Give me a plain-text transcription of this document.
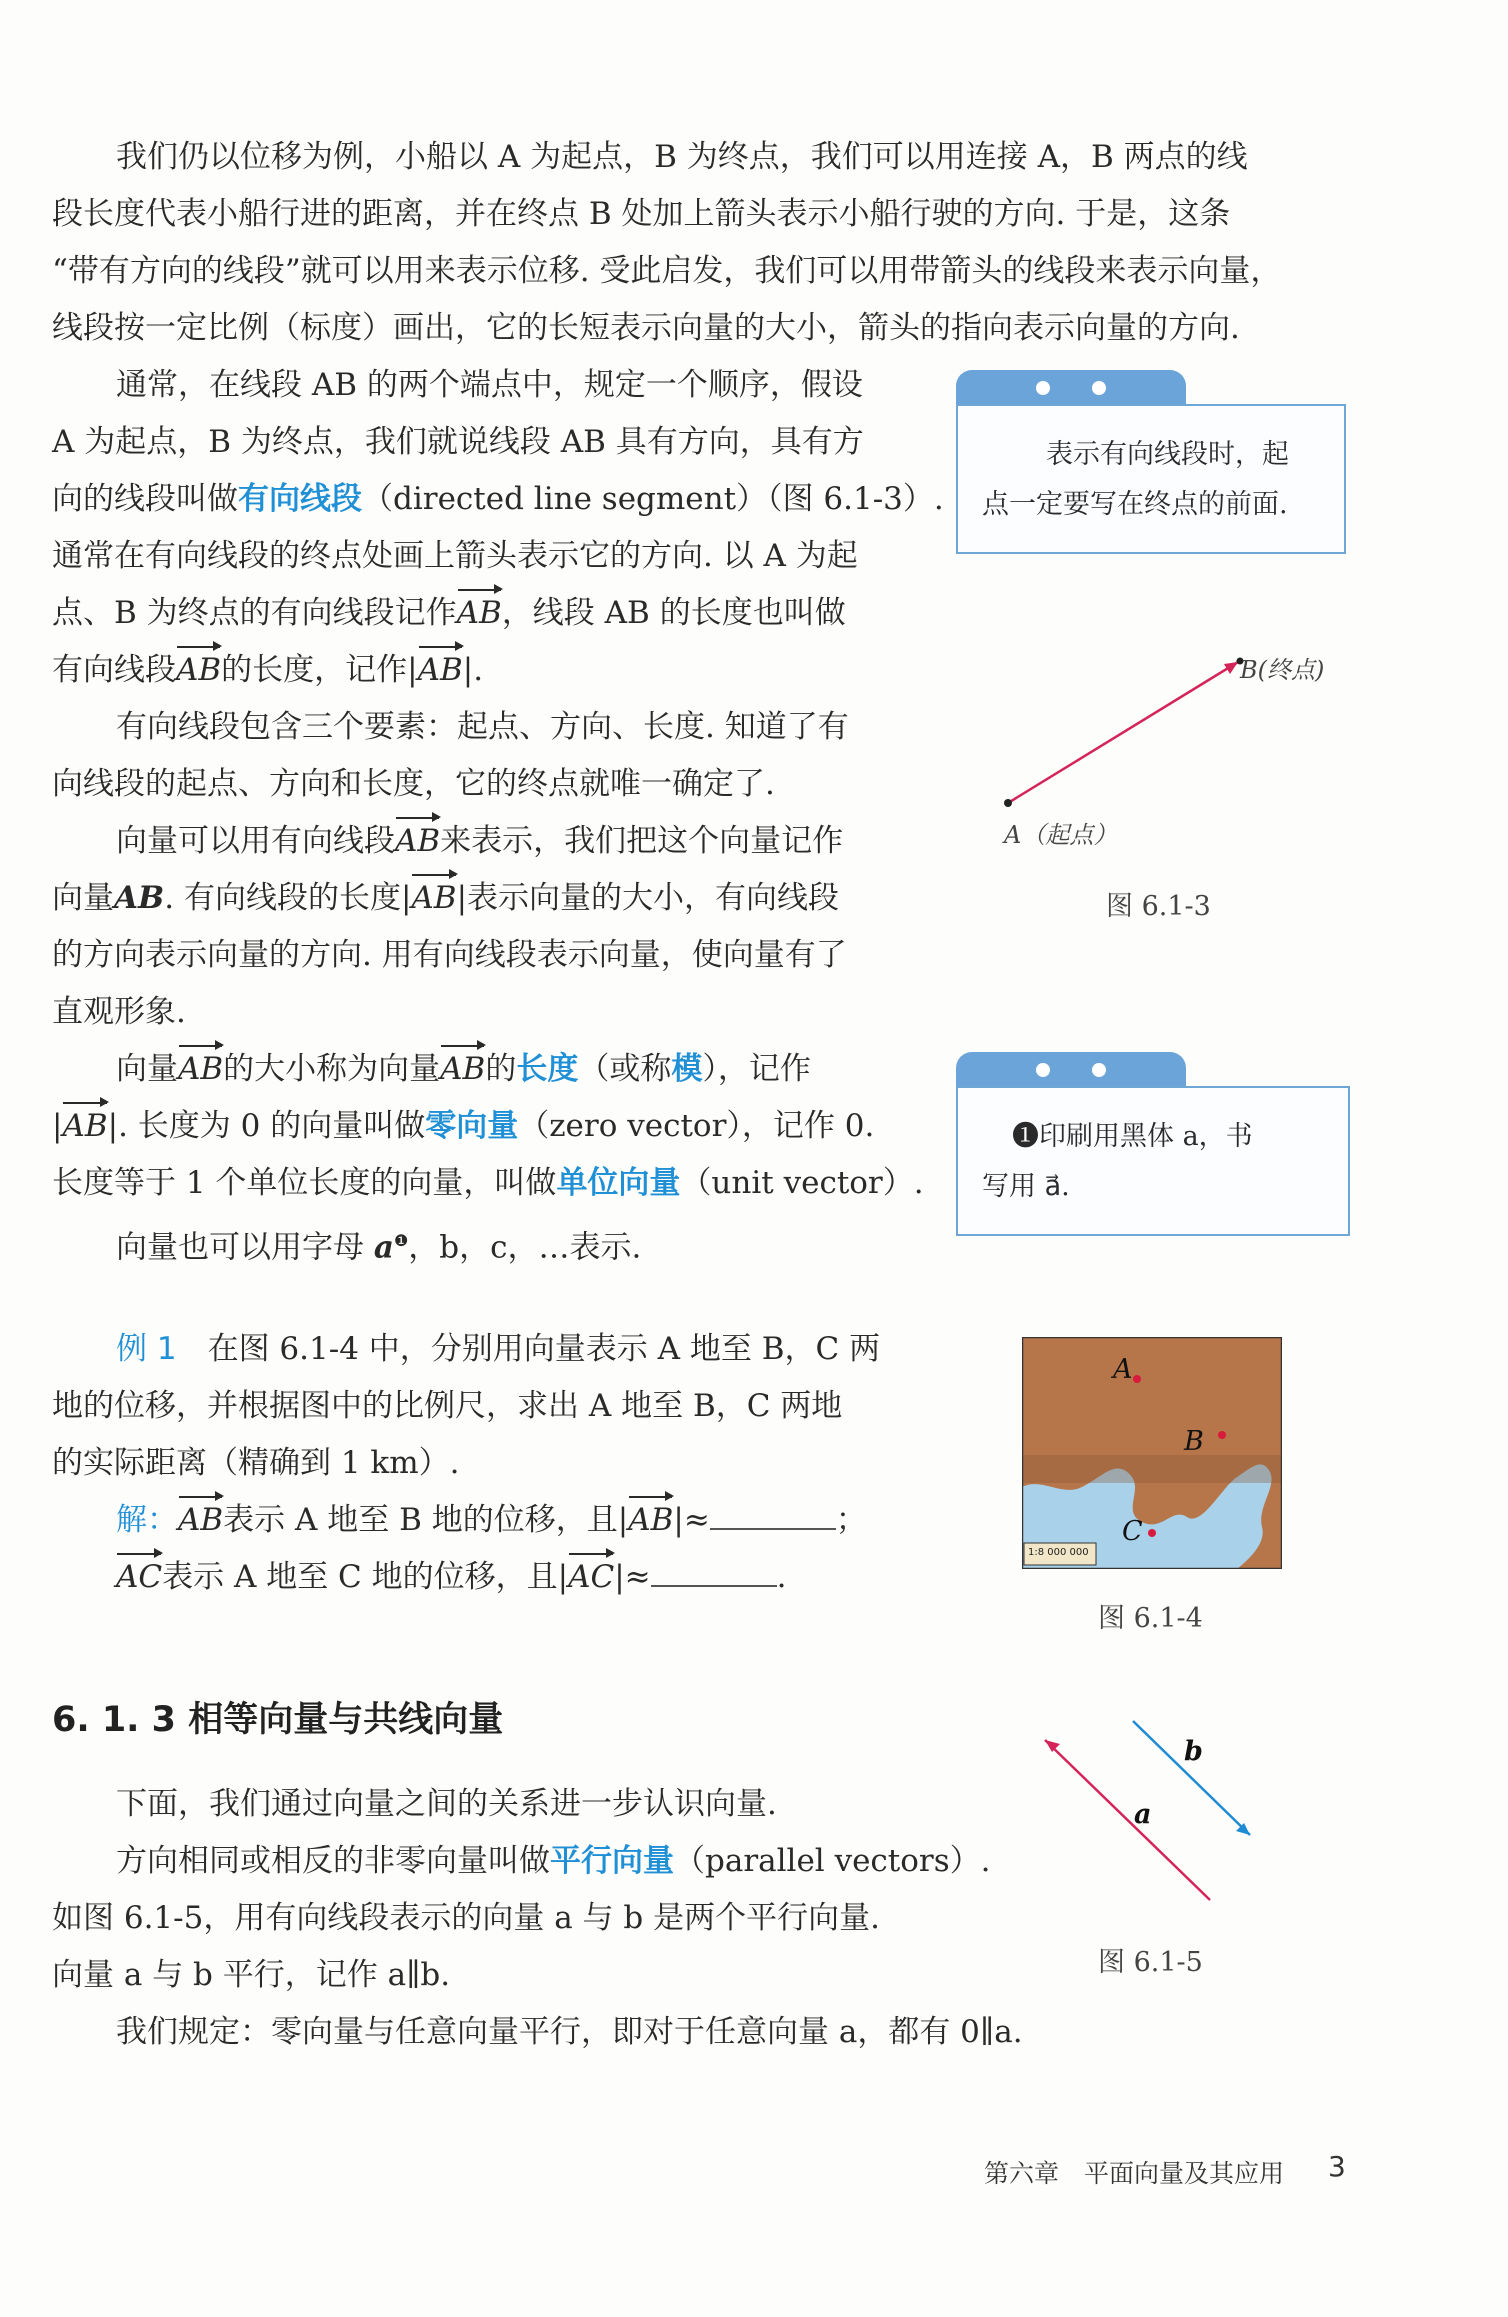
我们仍以位移为例，小船以 A 为起点，B 为终点，我们可以用连接 A，B 两点的线
段长度代表小船行进的距离，并在终点 B 处加上箭头表示小船行驶的方向. 于是，这条
“带有方向的线段”就可以用来表示位移. 受此启发，我们可以用带箭头的线段来表示向量，
线段按一定比例（标度）画出，它的长短表示向量的大小，箭头的指向表示向量的方向.
通常，在线段 AB 的两个端点中，规定一个顺序，假设
A 为起点，B 为终点，我们就说线段 AB 具有方向，具有方
向的线段叫做有向线段（directed line segment）（图 6.1-3）.
通常在有向线段的终点处画上箭头表示它的方向. 以 A 为起
点、B 为终点的有向线段记作AB，线段 AB 的长度也叫做
有向线段AB的长度，记作|AB|.
有向线段包含三个要素：起点、方向、长度. 知道了有
向线段的起点、方向和长度，它的终点就唯一确定了.
向量可以用有向线段AB来表示，我们把这个向量记作
向量AB. 有向线段的长度|AB|表示向量的大小，有向线段
的方向表示向量的方向. 用有向线段表示向量，使向量有了
直观形象.
向量AB的大小称为向量AB的长度（或称模），记作
|AB|. 长度为 0 的向量叫做零向量（zero vector），记作 0.
长度等于 1 个单位长度的向量，叫做单位向量（unit vector）.
向量也可以用字母 $a^❶$，b，c，…表示.
表示有向线段时，起
点一定要写在终点的前面.
B(终点)
A（起点）
图 6.1-3
❶印刷用黑体 a，书
写用 a⃗.
例 1　 在图 6.1-4 中，分别用向量表示 A 地至 B，C 两
地的位移，并根据图中的比例尺，求出 A 地至 B，C 两地
的实际距离（精确到 1 km）.
解：AB表示 A 地至 B 地的位移，且|AB|≈	；
AC表示 A 地至 C 地的位移，且|AC|≈	.
A
B
C
1:8 000 000
图 6.1-4
6. 1. 3 相等向量与共线向量
下面，我们通过向量之间的关系进一步认识向量.
方向相同或相反的非零向量叫做平行向量（parallel vectors）.
如图 6.1-5，用有向线段表示的向量 a 与 b 是两个平行向量.
向量 a 与 b 平行，记作 a∥b.
我们规定：零向量与任意向量平行，即对于任意向量 a，都有 0∥a.
a
b
图 6.1-5
第六章　平面向量及其应用 3
